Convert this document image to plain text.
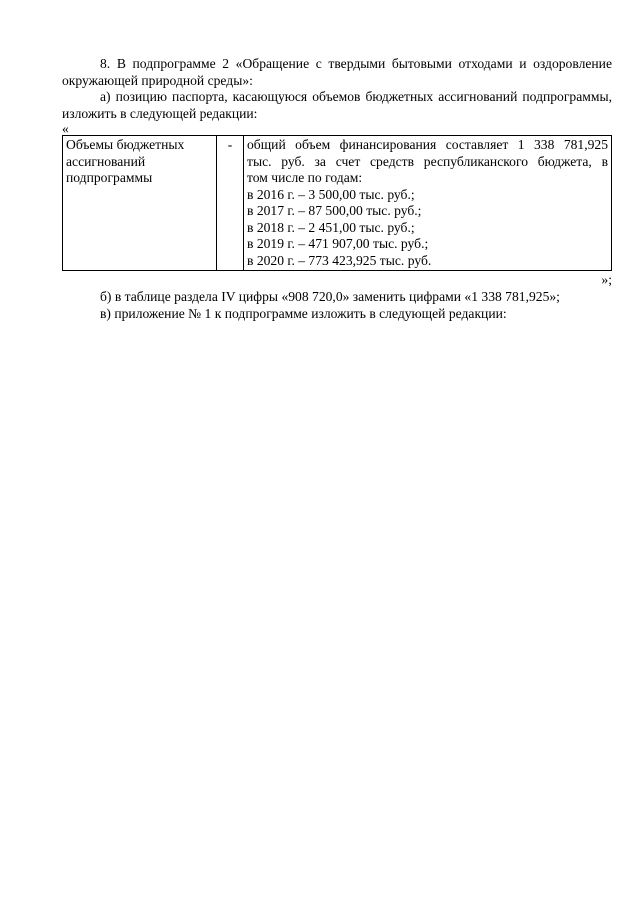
8. В подпрограмме 2 «Обращение с твердыми бытовыми отходами и оздоровление окружающей природной среды»:

а) позицию паспорта, касающуюся объемов бюджетных ассигнований подпрограммы, изложить в следующей редакции:

«

Объемы бюджетных ассигнований подпрограммы	-	общий объем финансирования составляет 1 338 781,925
тыс. руб. за счет средств республиканского бюджета, в
том числе по годам:
в 2016 г. – 3 500,00 тыс. руб.;
в 2017 г. – 87 500,00 тыс. руб.;
в 2018 г. – 2 451,00 тыс. руб.;
в 2019 г. – 471 907,00 тыс. руб.;
в 2020 г. – 773 423,925 тыс. руб.

»;

б) в таблице раздела IV цифры «908 720,0» заменить цифрами «1 338 781,925»;

в) приложение № 1 к подпрограмме изложить в следующей редакции:
